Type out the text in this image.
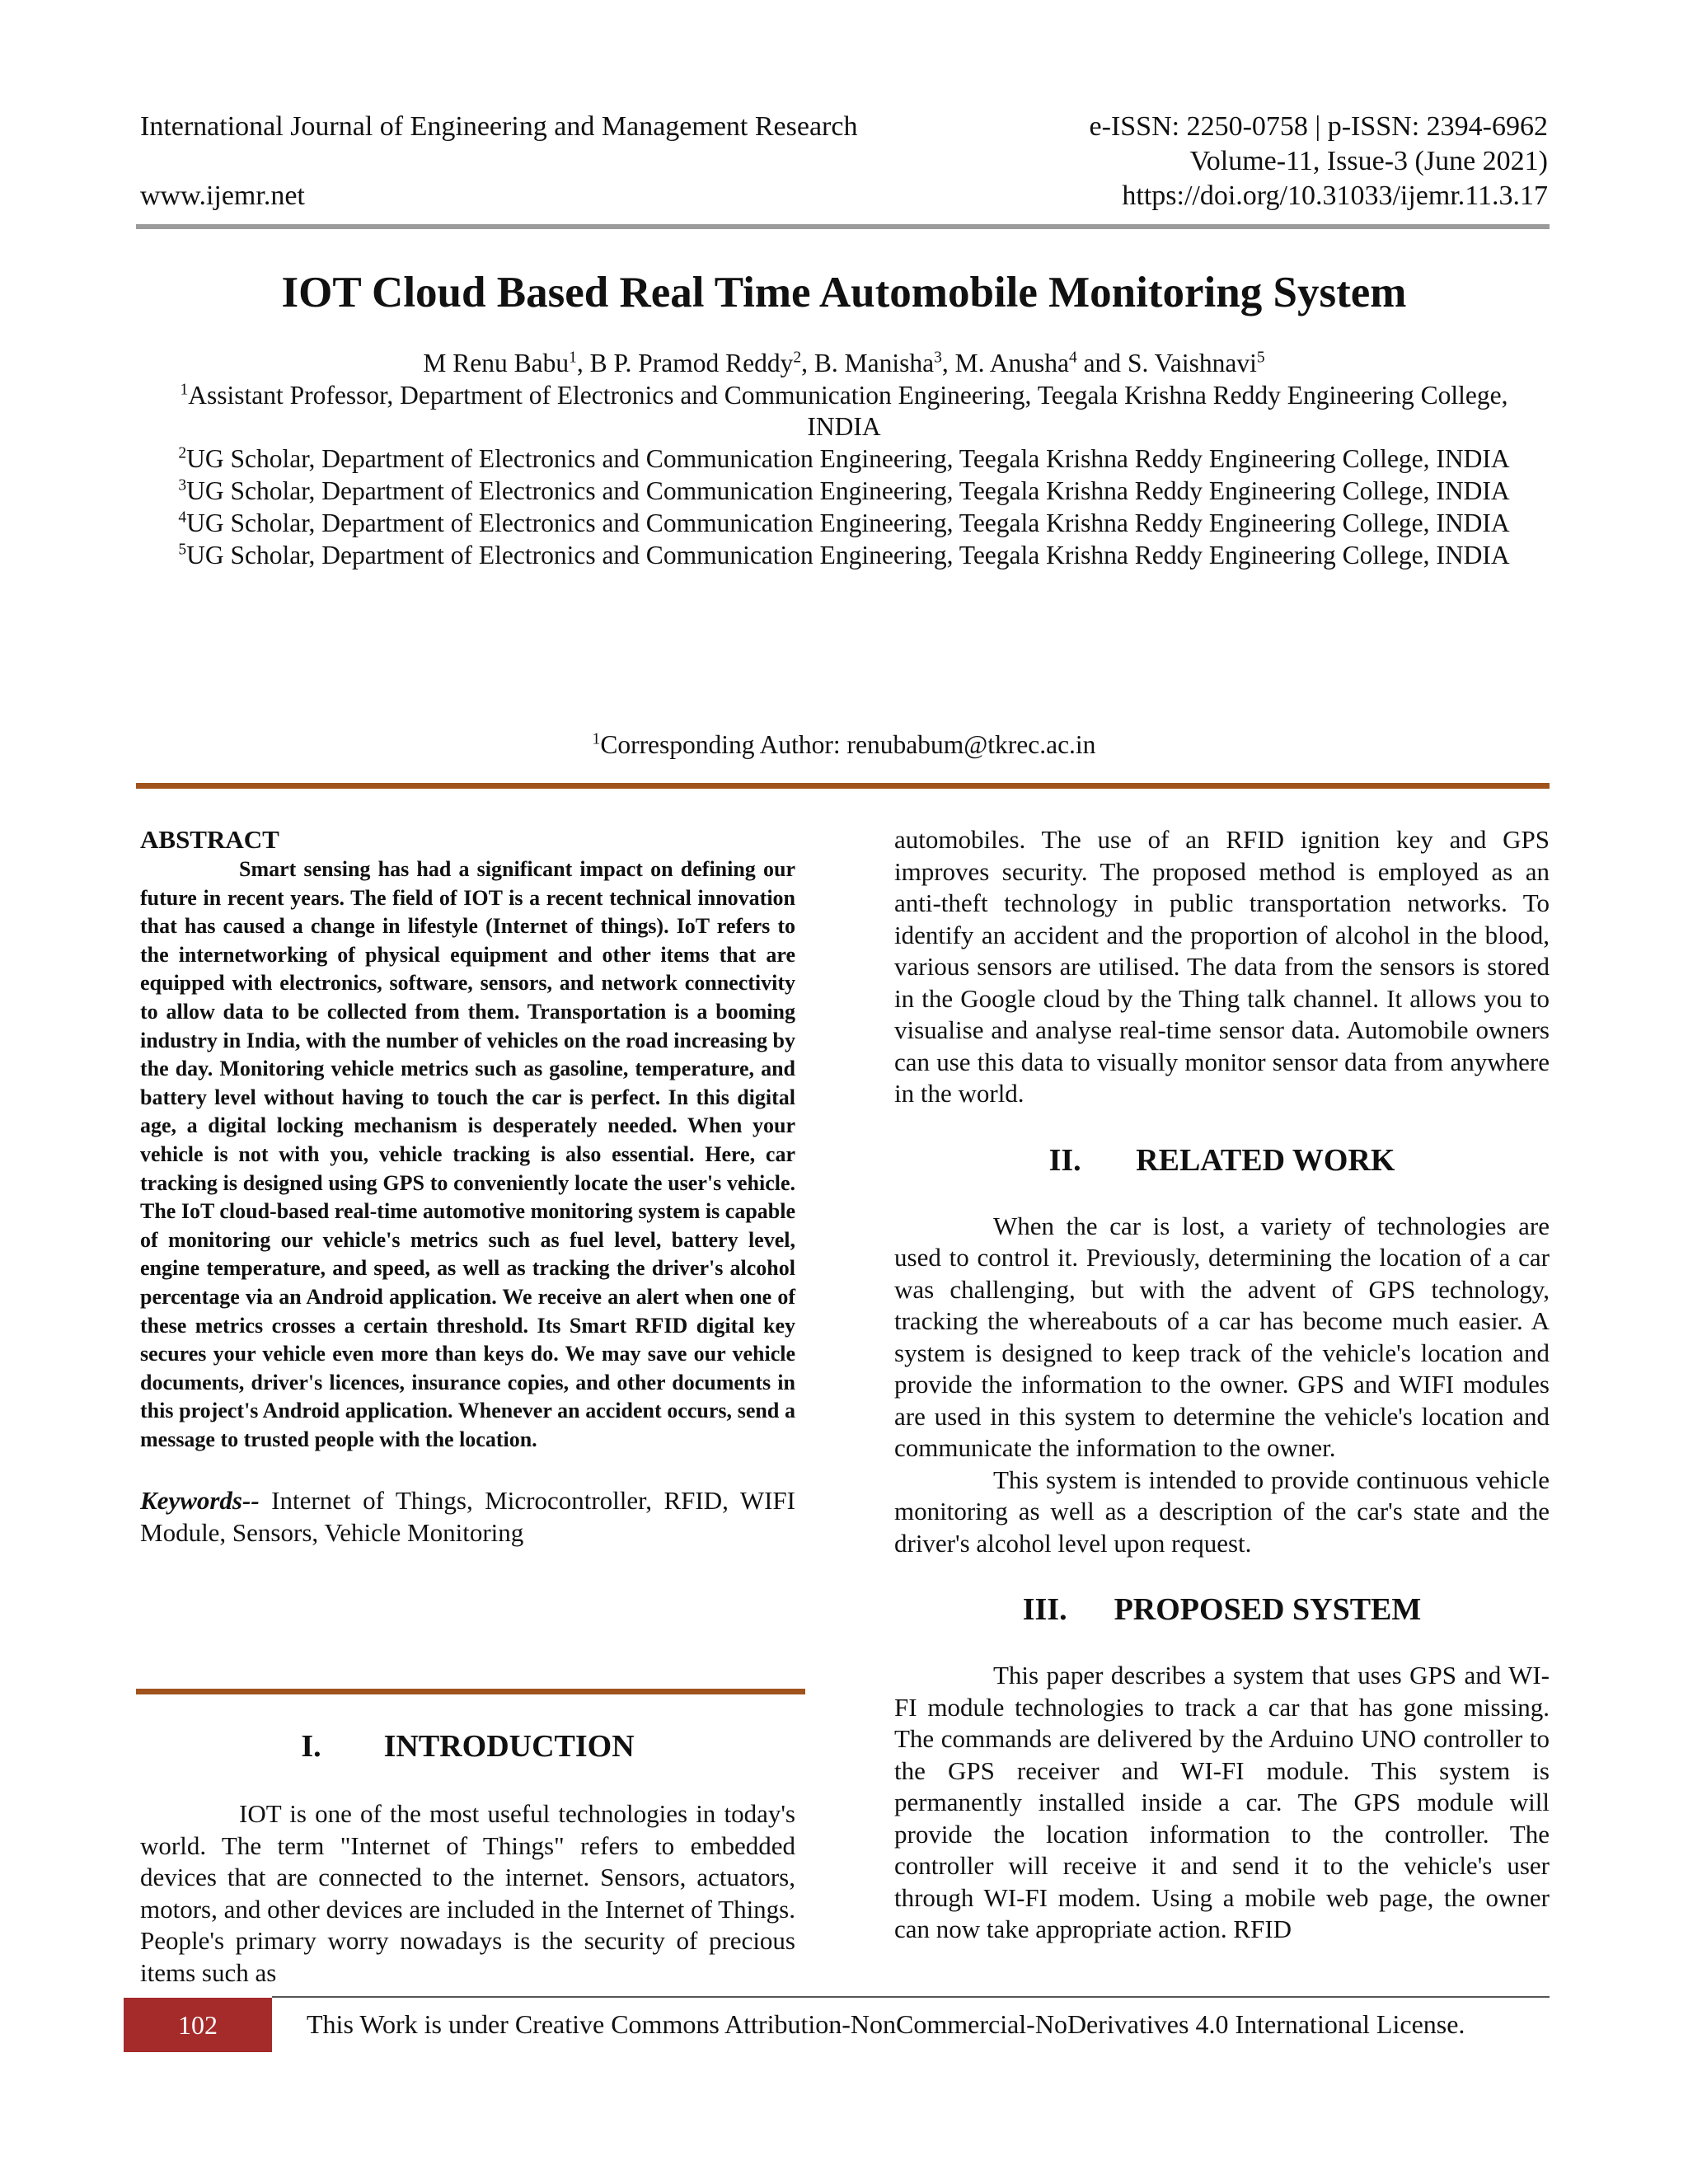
International Journal of Engineering and Management Research	e-ISSN: 2250-0758 | p-ISSN: 2394-6962
Volume-11, Issue-3 (June 2021)
www.ijemr.net	https://doi.org/10.31033/ijemr.11.3.17
IOT Cloud Based Real Time Automobile Monitoring System
M Renu Babu$^1$, B P. Pramod Reddy$^2$, B. Manisha$^3$, M. Anusha$^4$ and S. Vaishnavi$^5$
$^1$Assistant Professor, Department of Electronics and Communication Engineering, Teegala Krishna Reddy Engineering College, INDIA
$^2$UG Scholar, Department of Electronics and Communication Engineering, Teegala Krishna Reddy Engineering College, INDIA
$^3$UG Scholar, Department of Electronics and Communication Engineering, Teegala Krishna Reddy Engineering College, INDIA
$^4$UG Scholar, Department of Electronics and Communication Engineering, Teegala Krishna Reddy Engineering College, INDIA
$^5$UG Scholar, Department of Electronics and Communication Engineering, Teegala Krishna Reddy Engineering College, INDIA
$^1$Corresponding Author: renubabum@tkrec.ac.in
ABSTRACT

Smart sensing has had a significant impact on defining our future in recent years. The field of IOT is a recent technical innovation that has caused a change in lifestyle (Internet of things). IoT refers to the internetworking of physical equipment and other items that are equipped with electronics, software, sensors, and network connectivity to allow data to be collected from them. Transportation is a booming industry in India, with the number of vehicles on the road increasing by the day. Monitoring vehicle metrics such as gasoline, temperature, and battery level without having to touch the car is perfect. In this digital age, a digital locking mechanism is desperately needed. When your vehicle is not with you, vehicle tracking is also essential. Here, car tracking is designed using GPS to conveniently locate the user's vehicle. The IoT cloud-based real-time automotive monitoring system is capable of monitoring our vehicle's metrics such as fuel level, battery level, engine temperature, and speed, as well as tracking the driver's alcohol percentage via an Android application. We receive an alert when one of these metrics crosses a certain threshold. Its Smart RFID digital key secures your vehicle even more than keys do. We may save our vehicle documents, driver's licences, insurance copies, and other documents in this project's Android application. Whenever an accident occurs, send a message to trusted people with the location.

Keywords-- Internet of Things, Microcontroller, RFID, WIFI Module, Sensors, Vehicle Monitoring
I.        INTRODUCTION

IOT is one of the most useful technologies in today's world. The term "Internet of Things" refers to embedded devices that are connected to the internet. Sensors, actuators, motors, and other devices are included in the Internet of Things. People's primary worry nowadays is the security of precious items such as

automobiles. The use of an RFID ignition key and GPS improves security. The proposed method is employed as an anti-theft technology in public transportation networks. To identify an accident and the proportion of alcohol in the blood, various sensors are utilised. The data from the sensors is stored in the Google cloud by the Thing talk channel. It allows you to visualise and analyse real-time sensor data. Automobile owners can use this data to visually monitor sensor data from anywhere in the world.

II.       RELATED WORK

When the car is lost, a variety of technologies are used to control it. Previously, determining the location of a car was challenging, but with the advent of GPS technology, tracking the whereabouts of a car has become much easier. A system is designed to keep track of the vehicle's location and provide the information to the owner. GPS and WIFI modules are used in this system to determine the vehicle's location and communicate the information to the owner.

This system is intended to provide continuous vehicle monitoring as well as a description of the car's state and the driver's alcohol level upon request.

III.      PROPOSED SYSTEM

This paper describes a system that uses GPS and WI-FI module technologies to track a car that has gone missing. The commands are delivered by the Arduino UNO controller to the GPS receiver and WI-FI module. This system is permanently installed inside a car. The GPS module will provide the location information to the controller. The controller will receive it and send it to the vehicle's user through WI-FI modem. Using a mobile web page, the owner can now take appropriate action. RFID

102	This Work is under Creative Commons Attribution-NonCommercial-NoDerivatives 4.0 International License.
